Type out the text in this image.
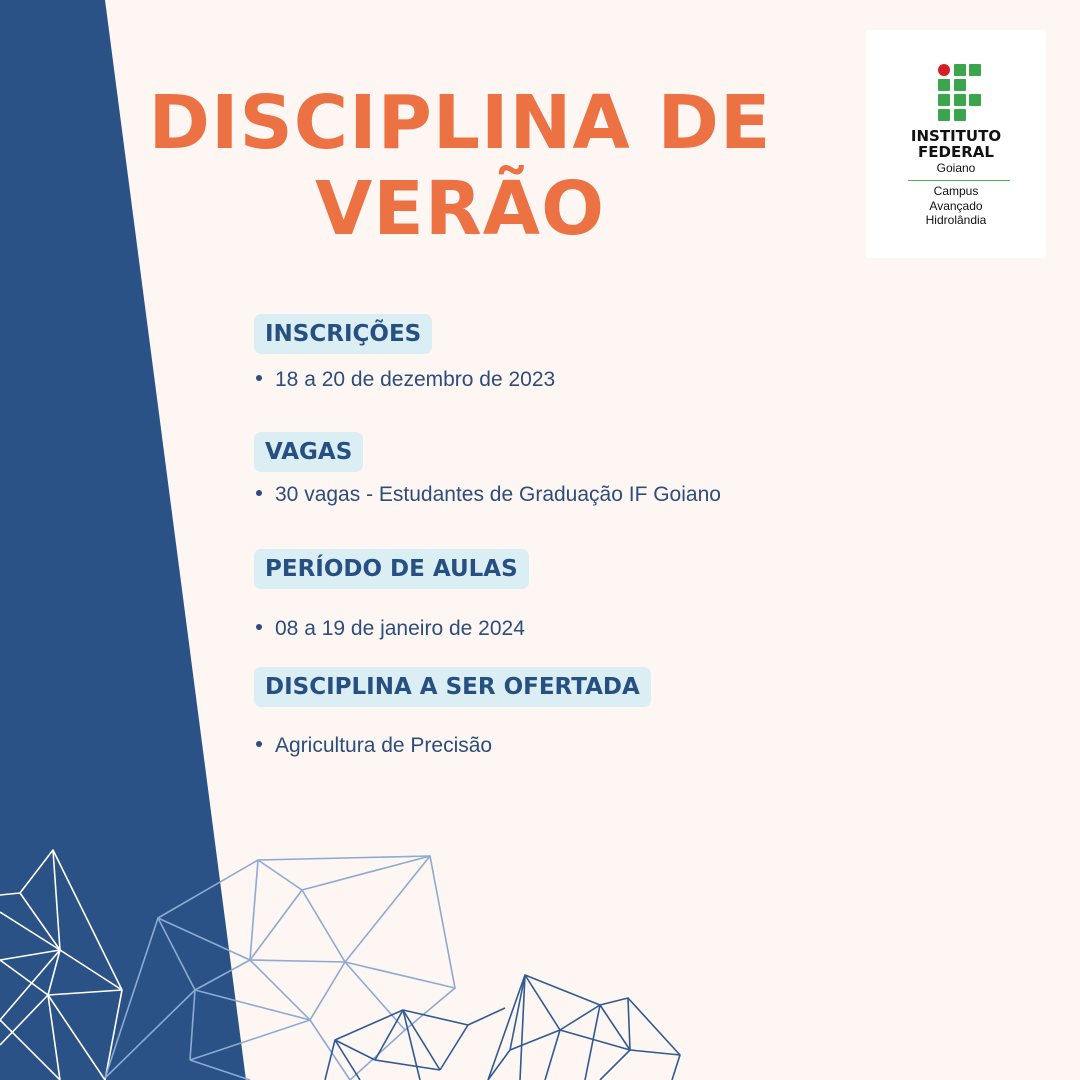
DISCIPLINA DE
VERÃO
INSTITUTO
FEDERAL
Goiano
Campus
Avançado
Hidrolândia
INSCRIÇÕES
18 a 20 de dezembro de 2023
VAGAS
30 vagas - Estudantes de Graduação IF Goiano
PERÍODO DE AULAS
08 a 19 de janeiro de 2024
DISCIPLINA A SER OFERTADA
Agricultura de Precisão
